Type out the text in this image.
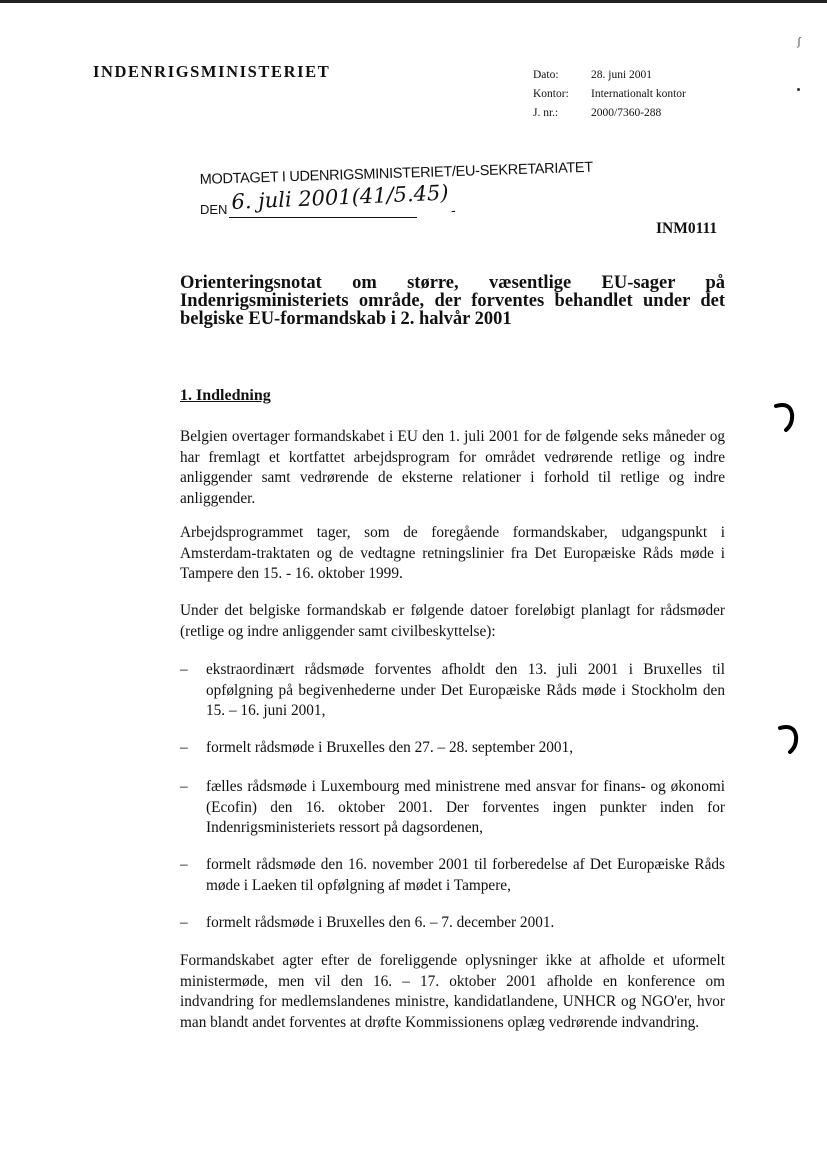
ʃ
INDENRIGSMINISTERIET	Dato:	28. juni 2001
Kontor:	Internationalt kontor
J. nr.:	2000/7360-288
MODTAGET I UDENRIGSMINISTERIET/EU-SEKRETARIATET
DEN 6. juli 2001(41/5.45) -
INM0111
Orienteringsnotat om større, væsentlige EU-sager på Indenrigsministeriets område, der forventes behandlet under det belgiske EU-formandskab i 2. halvår 2001
1. Indledning

Belgien overtager formandskabet i EU den 1. juli 2001 for de følgende seks måneder og har fremlagt et kortfattet arbejdsprogram for området vedrørende retlige og indre anliggender samt vedrørende de eksterne relationer i forhold til retlige og indre anliggender.

Arbejdsprogrammet tager, som de foregående formandskaber, udgangspunkt i Amsterdam-traktaten og de vedtagne retningslinier fra Det Europæiske Råds møde i Tampere den 15. - 16. oktober 1999.

Under det belgiske formandskab er følgende datoer foreløbigt planlagt for rådsmøder (retlige og indre anliggender samt civilbeskyttelse):

– ekstraordinært rådsmøde forventes afholdt den 13. juli 2001 i Bruxelles til opfølgning på begivenhederne under Det Europæiske Råds møde i Stockholm den 15. – 16. juni 2001,
– formelt rådsmøde i Bruxelles den 27. – 28. september 2001,
– fælles rådsmøde i Luxembourg med ministrene med ansvar for finans- og økonomi (Ecofin) den 16. oktober 2001. Der forventes ingen punkter inden for Indenrigsministeriets ressort på dagsordenen,
– formelt rådsmøde den 16. november 2001 til forberedelse af Det Europæiske Råds møde i Laeken til opfølgning af mødet i Tampere,
– formelt rådsmøde i Bruxelles den 6. – 7. december 2001.

Formandskabet agter efter de foreliggende oplysninger ikke at afholde et uformelt ministermøde, men vil den 16. – 17. oktober 2001 afholde en konference om indvandring for medlemslandenes ministre, kandidatlandene, UNHCR og NGO'er, hvor man blandt andet forventes at drøfte Kommissionens oplæg vedrørende indvandring.
